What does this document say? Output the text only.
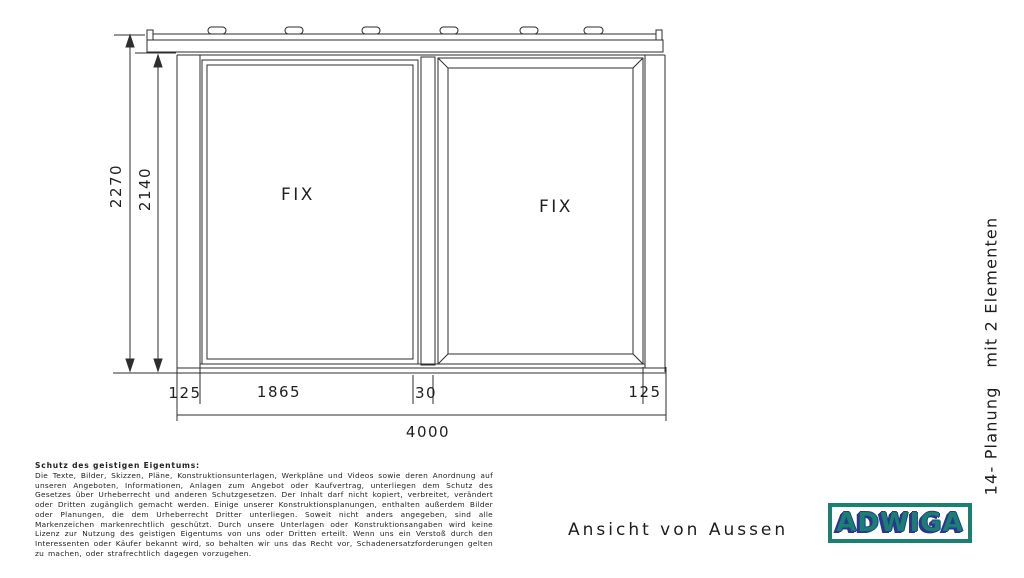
FIX
FIX
2270 2140
125	1865	30	125
4000

Schutz des geistigen Eigentums:

Die Texte, Bilder, Skizzen, Pläne, Konstruktionsunterlagen, Werkpläne und Videos sowie deren Anordnung auf unseren Angeboten, Informationen, Anlagen zum Angebot oder Kaufvertrag, unterliegen dem Schutz des Gesetzes über Urheberrecht und anderen Schutzgesetzen. Der Inhalt darf nicht kopiert, verbreitet, verändert oder Dritten zugänglich gemacht werden. Einige unserer Konstruktionsplanungen, enthalten außerdem Bilder oder Planungen, die dem Urheberrecht Dritter unterliegen. Soweit nicht anders angegeben, sind alle Markenzeichen markenrechtlich geschützt. Durch unsere Unterlagen oder Konstruktionsangaben wird keine Lizenz zur Nutzung des geistigen Eigentums von uns oder Dritten erteilt. Wenn uns ein Verstoß durch den Interessenten oder Käufer bekannt wird, so behalten wir uns das Recht vor, Schadenersatzforderungen gelten zu machen, oder strafrechtlich dagegen vorzugehen.

Ansicht von Aussen ADWIGA
14- Planung   mit 2 Elementen
